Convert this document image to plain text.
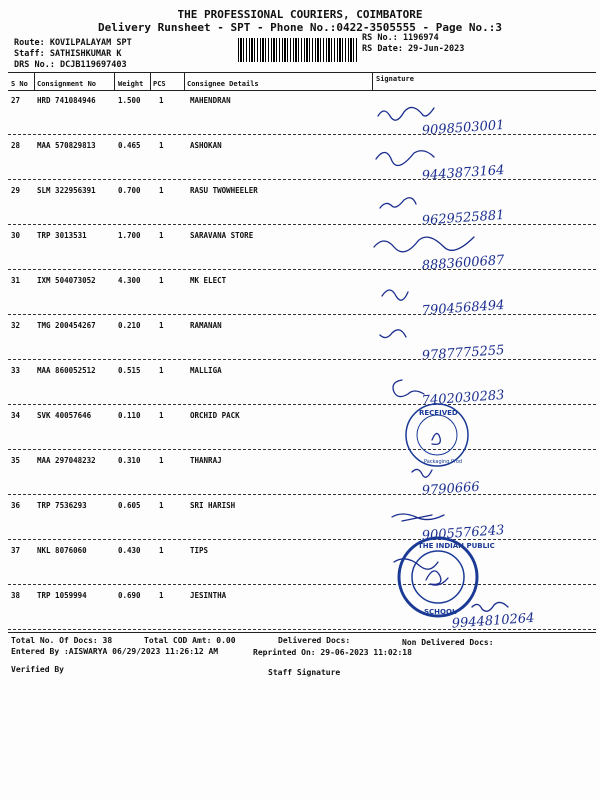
THE PROFESSIONAL COURIERS, COIMBATORE
Delivery Runsheet - SPT - Phone No.:0422-3505555 - Page No.:3
Route: KOVILPALAYAM SPT
Staff: SATHISHKUMAR K
DRS No.: DCJB119697403
RS No.: 1196974
RS Date: 29-Jun-2023
S No Consignment No	Weight PCS	Consignee Details
Signature
27 HRD 741084946	1.500 1	MAHENDRAN
9098503001
28 MAA 570829813	0.465 1	ASHOKAN
9443873164
29 SLM 322956391	0.700 1	RASU TWOWHEELER
9629525881
30 TRP 3013531	1.700 1	SARAVANA STORE
8883600687
31 IXM 504073052	4.300 1	MK ELECT
7904568494
32 TMG 200454267	0.210 1	RAMANAN
9787775255
33 MAA 860052512	0.515 1	MALLIGA
7402030283
34 SVK 40057646	0.110 1	ORCHID PACK
35 MAA 297048232	0.310 1	THANRAJ
9790666
36 TRP 7536293	0.605 1	SRI HARISH
9005576243
37 NKL 8076060	0.430 1	TIPS
38 TRP 1059994	0.690 1	JESINTHA
9944810264
RECEIVED
Packaging Prod
THE INDIAN PUBLIC
SCHOOL
Total No. Of Docs: 38	Total COD Amt: 0.00	Delivered Docs:	Non Delivered Docs:
Entered By :AISWARYA 06/29/2023 11:26:12 AM	Reprinted On: 29-06-2023 11:02:18
Verified By	Staff Signature
